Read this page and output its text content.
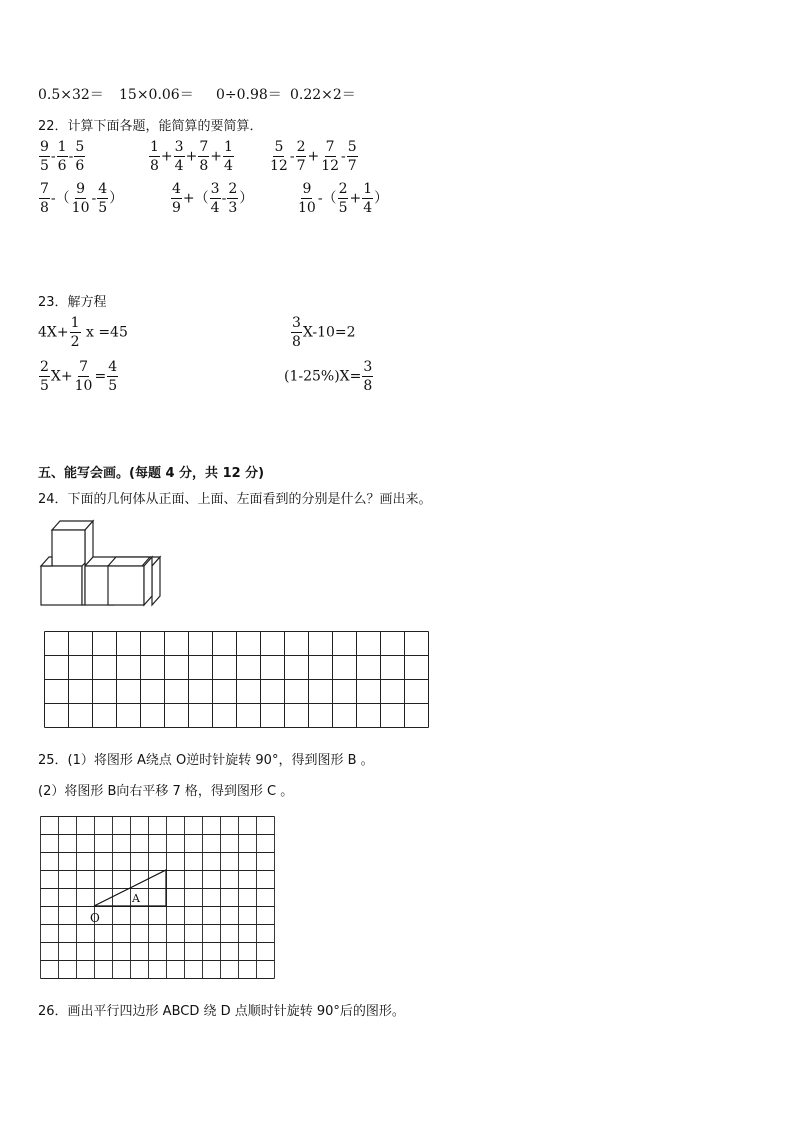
0.5×32＝ 15×0.06＝ 0÷0.98＝ 0.22×2＝
22．计算下面各题，能简算的要简算．
$\frac{9}{5} - \frac{1}{6} - \frac{5}{6}$	$\frac{1}{8} + \frac{3}{4} + \frac{7}{8} + \frac{1}{4}$	$\frac{5}{12} - \frac{2}{7} + \frac{7}{12} - \frac{5}{7}$
$\frac{7}{8}$ -（ $\frac{9}{10} - \frac{4}{5}$ ）	$\frac{4}{9}$ +（ $\frac{3}{4} - \frac{2}{3}$ ）	$\frac{9}{10}$ -（ $\frac{2}{5} + \frac{1}{4}$ ）
23．解方程
$4X+ \frac{1}{2}$ x =45	$\frac{3}{8} X-10=2$
$\frac{2}{5} X+ \frac{7}{10} = \frac{4}{5}$	$(1-25\%)X= \frac{3}{8}$
五、能写会画。(每题 4 分，共 12 分)
24．下面的几何体从正面、上面、左面看到的分别是什么？画出来。
25．(1）将图形 A绕点 O逆时针旋转 90°，得到图形 B 。
(2）将图形 B向右平移 7 格，得到图形 C 。
A
O
26．画出平行四边形 ABCD 绕 D 点顺时针旋转 90°后的图形。
